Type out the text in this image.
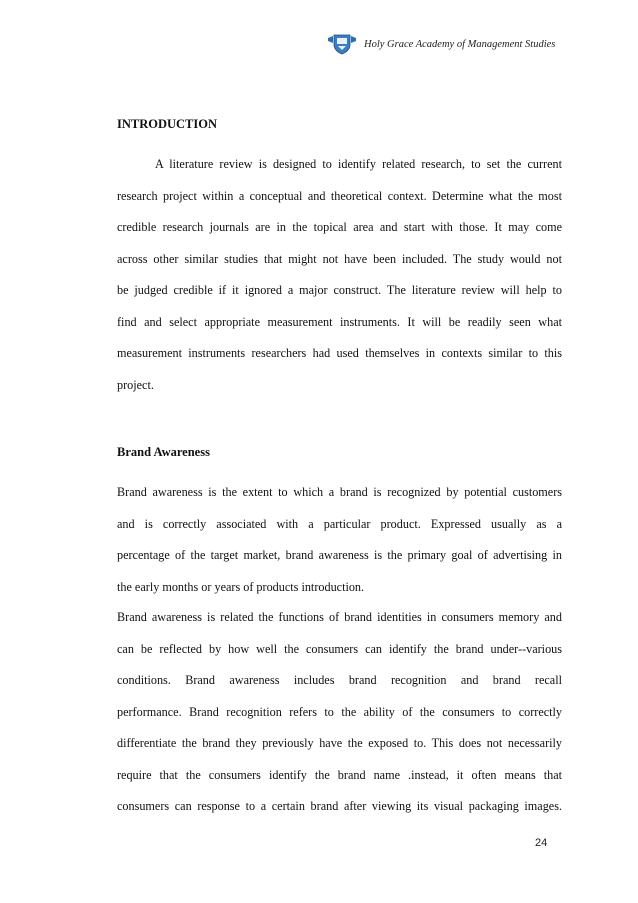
Holy Grace Academy of Management Studies
INTRODUCTION
A literature review is designed to identify related research, to set the current
research project within a conceptual and theoretical context. Determine what the most
credible research journals are in the topical area and start with those. It may come
across other similar studies that might not have been included. The study would not
be judged credible if it ignored a major construct. The literature review will help to
find and select appropriate measurement instruments. It will be readily seen what
measurement instruments researchers had used themselves in contexts similar to this
project.
Brand Awareness
Brand awareness is the extent to which a brand is recognized by potential customers
and is correctly associated with a particular product. Expressed usually as a
percentage of the target market, brand awareness is the primary goal of advertising in
the early months or years of products introduction.
Brand awareness is related the functions of brand identities in consumers memory and
can be reflected by how well the consumers can identify the brand under--various
conditions. Brand awareness includes brand recognition and brand recall
performance. Brand recognition refers to the ability of the consumers to correctly
differentiate the brand they previously have the exposed to. This does not necessarily
require that the consumers identify the brand name .instead, it often means that
consumers can response to a certain brand after viewing its visual packaging images.
24
